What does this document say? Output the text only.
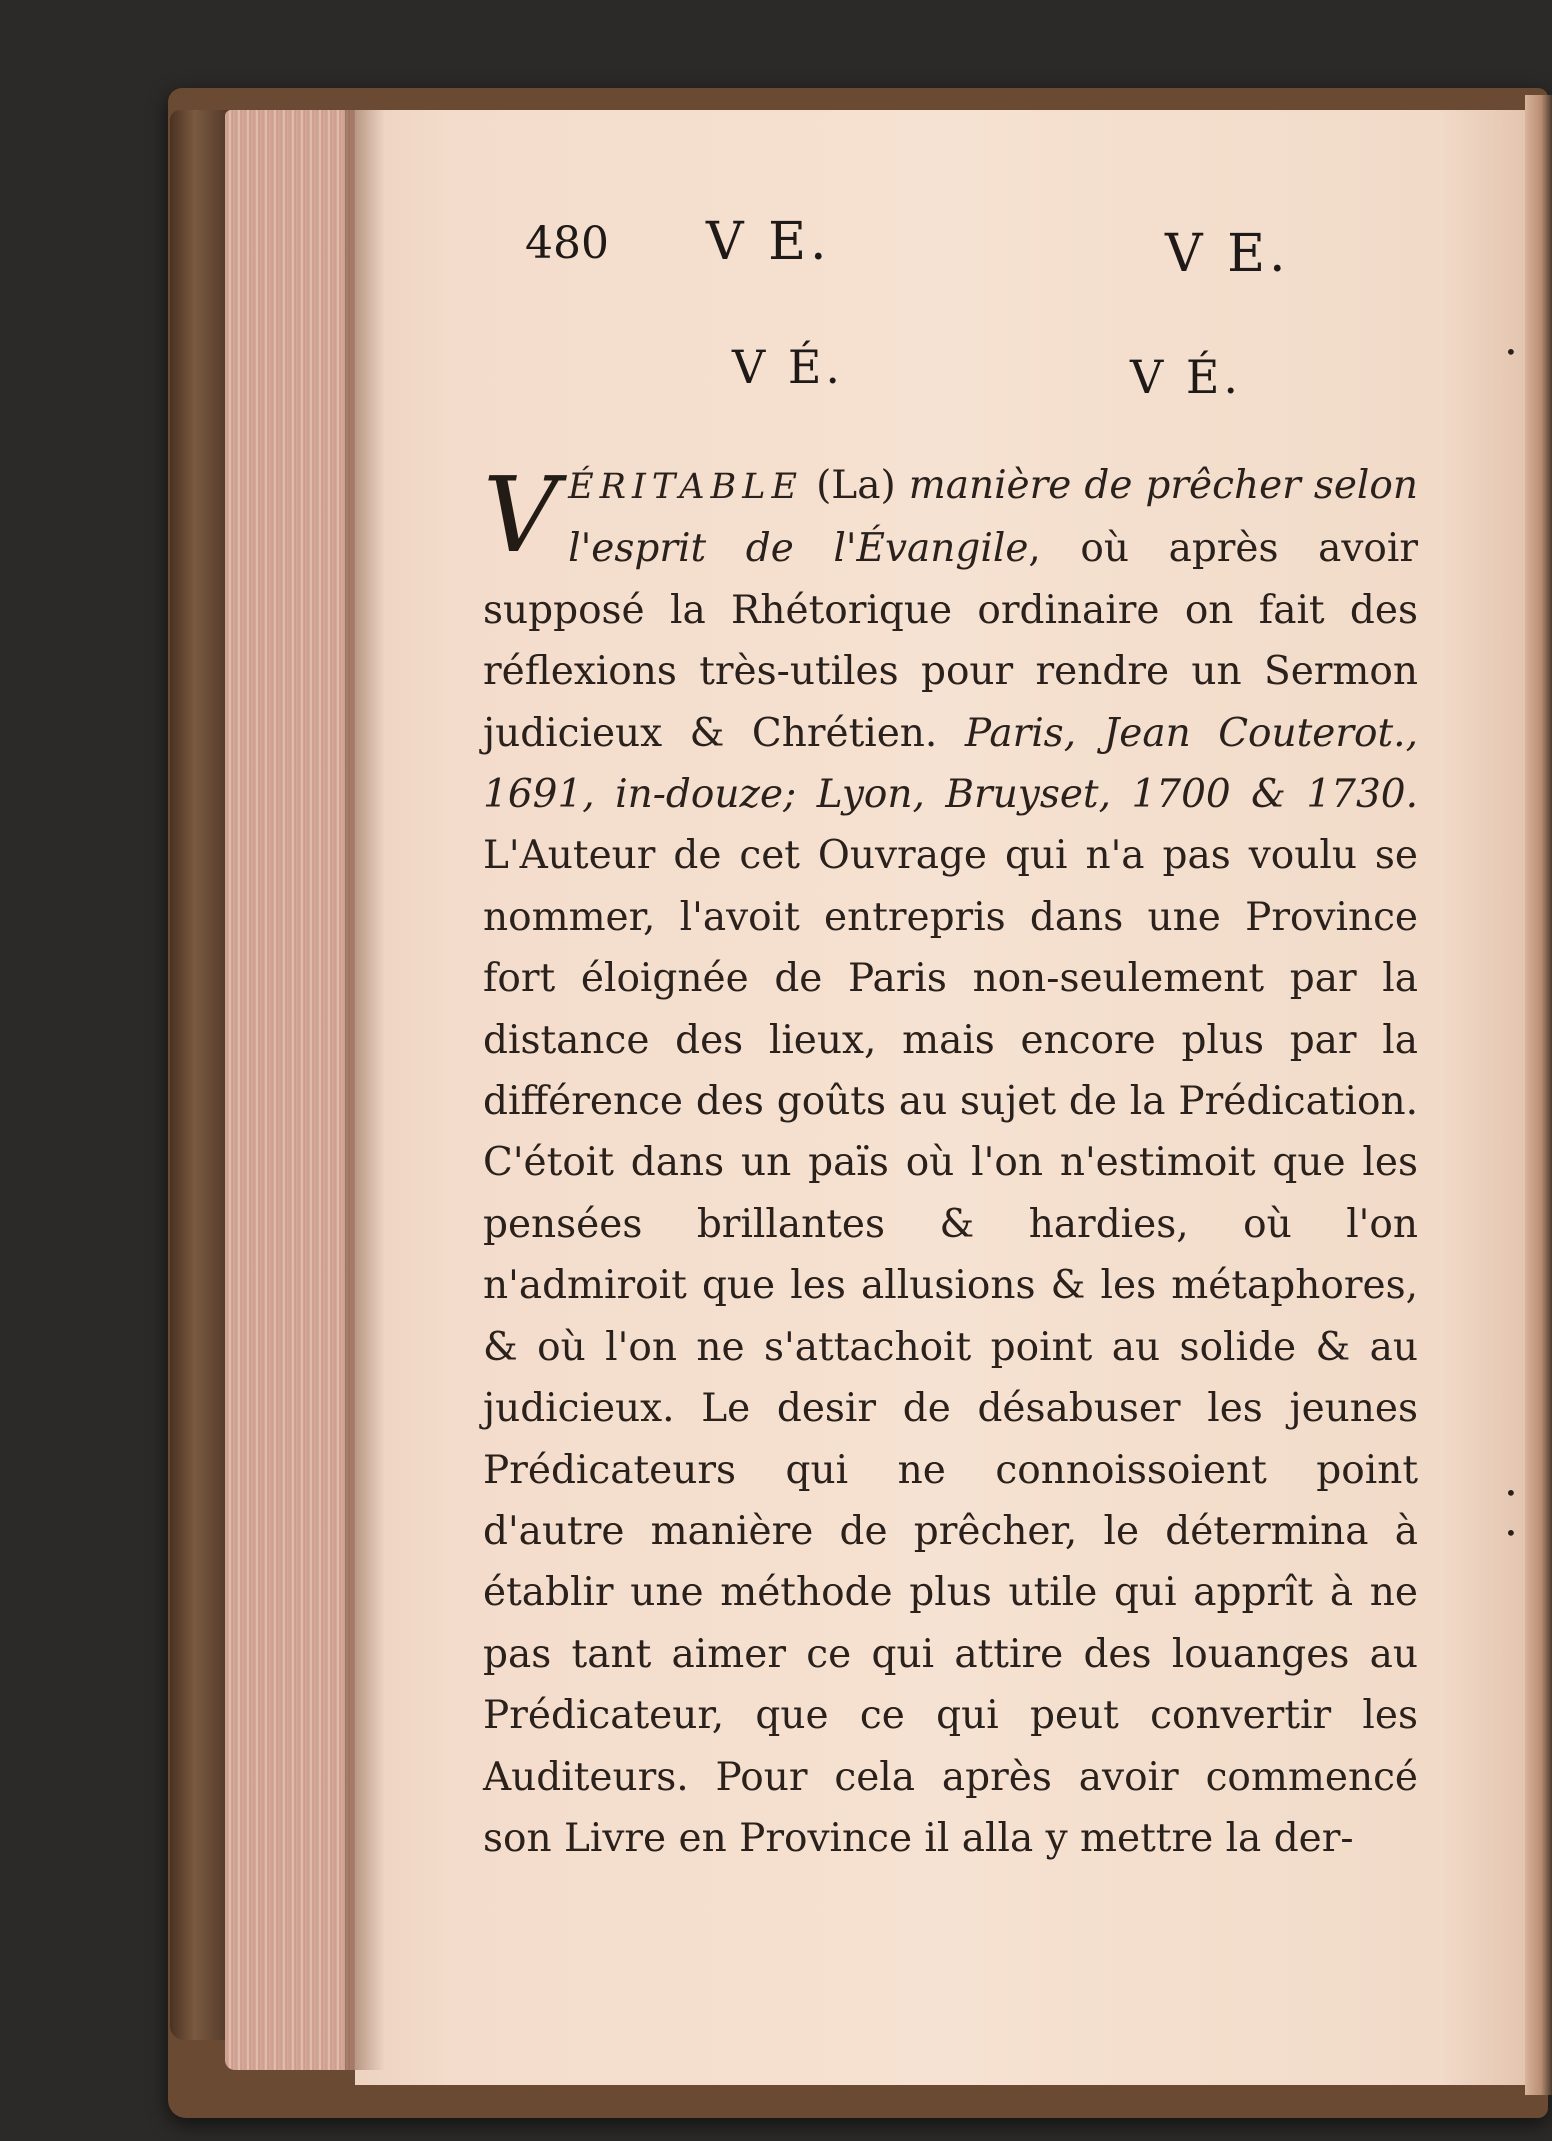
•
•
•
480 V E.	V E.
V É.	V É.

V ÉRITABLE (La) manière de prêcher selon l'esprit de l'Évangile, où après avoir supposé la Rhétorique ordinaire on fait des réflexions très-utiles pour rendre un Sermon judicieux & Chrétien. Paris, Jean Couterot., 1691, in-douze; Lyon, Bruyset, 1700 & 1730. L'Auteur de cet Ouvrage qui n'a pas voulu se nommer, l'avoit entrepris dans une Province fort éloignée de Paris non-seulement par la distance des lieux, mais encore plus par la différence des goûts au sujet de la Prédication. C'étoit dans un païs où l'on n'estimoit que les pensées brillantes & hardies, où l'on n'admiroit que les allusions & les métaphores, & où l'on ne s'attachoit point au solide & au judicieux. Le desir de désabuser les jeunes Prédicateurs qui ne connoissoient point d'autre manière de prêcher, le détermina à établir une méthode plus utile qui apprît à ne pas tant aimer ce qui attire des louanges au Prédicateur, que ce qui peut convertir les Auditeurs. Pour cela après avoir commencé son Livre en Province il alla y mettre la der-
